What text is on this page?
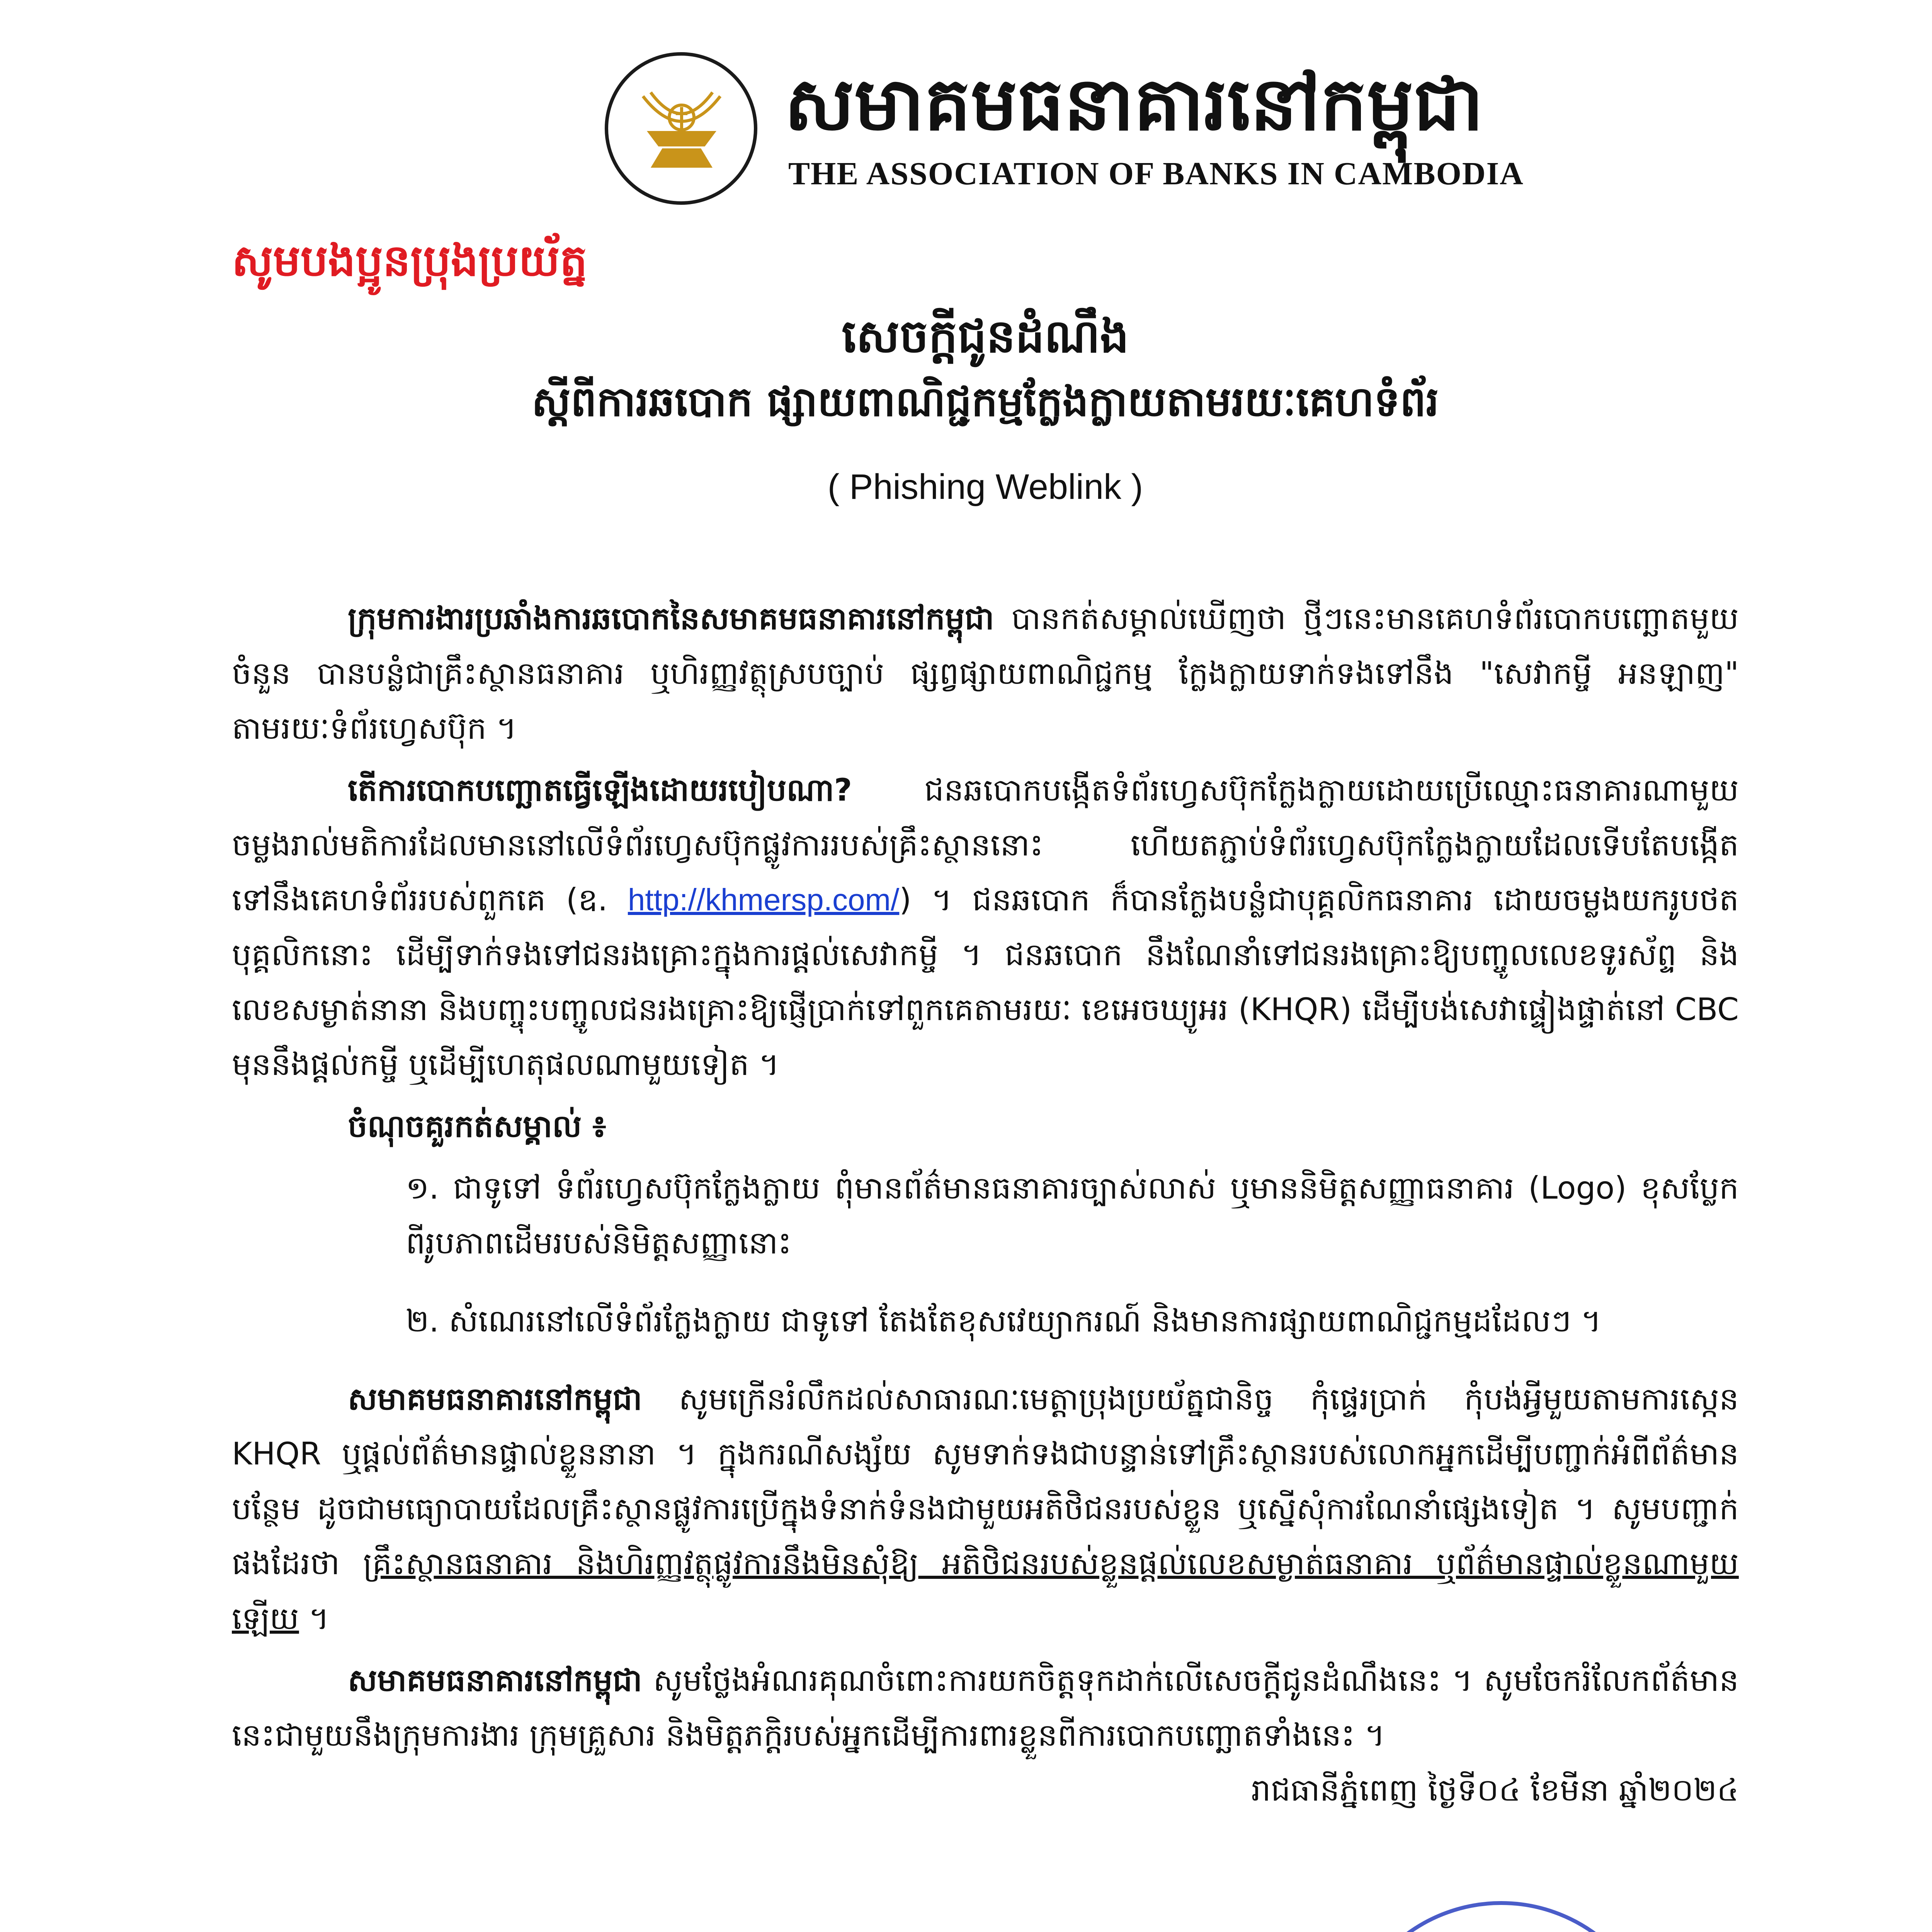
សមាគមធនាគារនៅកម្ពុជា
THE ASSOCIATION OF BANKS IN CAMBODIA
សូមបងប្អូនប្រុងប្រយ័ត្ន
សេចក្តីជូនដំណឹង
ស្តីពីការឆបោក ផ្សាយពាណិជ្ជកម្មក្លែងក្លាយតាមរយៈគេហទំព័រ
( Phishing Weblink )

ក្រុមការងារប្រឆាំងការឆបោកនៃសមាគមធនាគារនៅកម្ពុជា បានកត់សម្គាល់ឃើញថា ថ្មីៗនេះមានគេហទំព័របោកបញ្ឆោតមួយចំនួន បានបន្លំជាគ្រឹះស្ថានធនាគារ ឬហិរញ្ញវត្ថុស្របច្បាប់ ផ្សព្វផ្សាយពាណិជ្ជកម្ម ក្លែងក្លាយទាក់ទងទៅនឹង "សេវាកម្ចី អនឡាញ" តាមរយៈទំព័រហ្វេសប៊ុក ។

តើការបោកបញ្ឆោតធ្វើឡើងដោយរបៀបណា? ជនឆបោកបង្កើតទំព័រហ្វេសប៊ុកក្លែងក្លាយដោយប្រើឈ្មោះធនាគារណាមួយ ចម្លងរាល់មតិការដែលមាននៅលើទំព័រហ្វេសប៊ុកផ្លូវការរបស់គ្រឹះស្ថាននោះ ហើយតភ្ជាប់ទំព័រហ្វេសប៊ុកក្លែងក្លាយដែលទើបតែបង្កើតទៅនឹងគេហទំព័ររបស់ពួកគេ (ឧ. http://khmersp.com/) ។ ជនឆបោក ក៏បានក្លែងបន្លំជាបុគ្គលិកធនាគារ ដោយចម្លងយករូបថតបុគ្គលិកនោះ ដើម្បីទាក់ទងទៅជនរងគ្រោះក្នុងការផ្តល់សេវាកម្ចី ។ ជនឆបោក នឹងណែនាំទៅជនរងគ្រោះឱ្យបញ្ចូលលេខទូរស័ព្ទ និងលេខសម្ងាត់នានា និងបញ្ចុះបញ្ចូលជនរងគ្រោះឱ្យផ្ញើប្រាក់ទៅពួកគេតាមរយៈ ខេអេចឃ្យូអរ (KHQR) ដើម្បីបង់សេវាផ្ទៀងផ្ទាត់នៅ CBC មុននឹងផ្តល់កម្ចី ឬដើម្បីហេតុផលណាមួយទៀត ។

ចំណុចគួរកត់សម្គាល់ ៖

១. ជាទូទៅ ទំព័រហ្វេសប៊ុកក្លែងក្លាយ ពុំមានព័ត៌មានធនាគារច្បាស់លាស់ ឬមាននិមិត្តសញ្ញាធនាគារ (Logo) ខុសប្លែក ពីរូបភាពដើមរបស់និមិត្តសញ្ញានោះ

២. សំណេរនៅលើទំព័រក្លែងក្លាយ ជាទូទៅ តែងតែខុសវេយ្យាករណ៍ និងមានការផ្សាយពាណិជ្ជកម្មដដែលៗ ។

សមាគមធនាគារនៅកម្ពុជា សូមក្រើនរំលឹកដល់សាធារណៈមេត្តាប្រុងប្រយ័ត្នជានិច្ច កុំផ្ទេរប្រាក់ កុំបង់អ្វីមួយតាមការស្កេន KHQR ឬផ្តល់ព័ត៌មានផ្ទាល់ខ្លួននានា ។ ក្នុងករណីសង្ស័យ សូមទាក់ទងជាបន្ទាន់ទៅគ្រឹះស្ថានរបស់លោកអ្នកដើម្បីបញ្ជាក់អំពីព័ត៌មានបន្ថែម ដូចជាមធ្យោបាយដែលគ្រឹះស្ថានផ្លូវការប្រើក្នុងទំនាក់ទំនងជាមួយអតិថិជនរបស់ខ្លួន ឬស្នើសុំការណែនាំផ្សេងទៀត ។ សូមបញ្ជាក់ផងដែរថា គ្រឹះស្ថានធនាគារ និងហិរញ្ញវត្ថុផ្លូវការនឹងមិនសុំឱ្យ អតិថិជនរបស់ខ្លួនផ្តល់លេខសម្ងាត់ធនាគារ ឬព័ត៌មានផ្ទាល់ខ្លួនណាមួយឡើយ ។

សមាគមធនាគារនៅកម្ពុជា សូមថ្លែងអំណរគុណចំពោះការយកចិត្តទុកដាក់លើសេចក្តីជូនដំណឹងនេះ ។ សូមចែករំលែកព័ត៌មាននេះជាមួយនឹងក្រុមការងារ ក្រុមគ្រួសារ និងមិត្តភក្តិរបស់អ្នកដើម្បីការពារខ្លួនពីការបោកបញ្ឆោតទាំងនេះ ។

រាជធានីភ្នំពេញ ថ្ងៃទី០៤ ខែមីនា ឆ្នាំ២០២៤
